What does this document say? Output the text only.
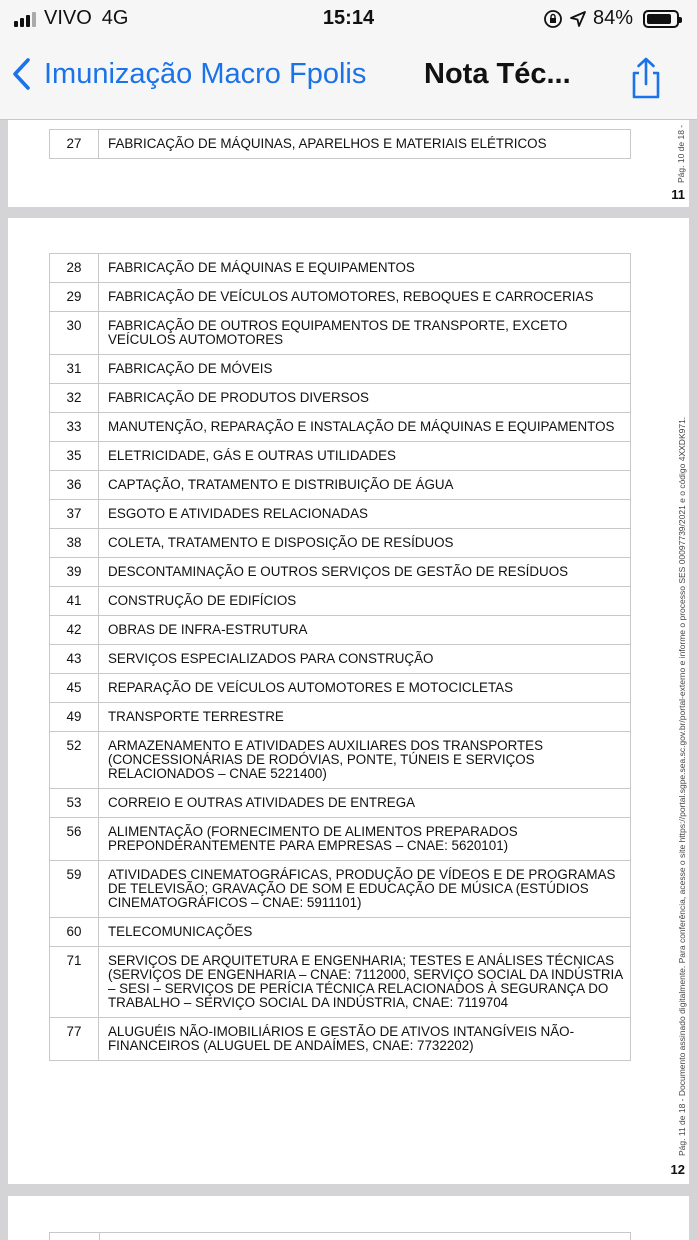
VIVO 4G	15:14	84%
Imunização Macro Fpolis Nota Téc...
27	FABRICAÇÃO DE MÁQUINAS, APARELHOS E MATERIAIS ELÉTRICOS	Pág. 10 de 18 -
11
28	FABRICAÇÃO DE MÁQUINAS E EQUIPAMENTOS
29	FABRICAÇÃO DE VEÍCULOS AUTOMOTORES, REBOQUES E CARROCERIAS
30	FABRICAÇÃO DE OUTROS EQUIPAMENTOS DE TRANSPORTE, EXCETO VEÍCULOS AUTOMOTORES
31	FABRICAÇÃO DE MÓVEIS
32	FABRICAÇÃO DE PRODUTOS DIVERSOS
33	MANUTENÇÃO, REPARAÇÃO E INSTALAÇÃO DE MÁQUINAS E EQUIPAMENTOS
35	ELETRICIDADE, GÁS E OUTRAS UTILIDADES
36	CAPTAÇÃO, TRATAMENTO E DISTRIBUIÇÃO DE ÁGUA
37	ESGOTO E ATIVIDADES RELACIONADAS
38	COLETA, TRATAMENTO E DISPOSIÇÃO DE RESÍDUOS
39	DESCONTAMINAÇÃO E OUTROS SERVIÇOS DE GESTÃO DE RESÍDUOS
41	CONSTRUÇÃO DE EDIFÍCIOS
42	OBRAS DE INFRA-ESTRUTURA
43	SERVIÇOS ESPECIALIZADOS PARA CONSTRUÇÃO
45	REPARAÇÃO DE VEÍCULOS AUTOMOTORES E MOTOCICLETAS
49	TRANSPORTE TERRESTRE
52	ARMAZENAMENTO E ATIVIDADES AUXILIARES DOS TRANSPORTES (CONCESSIONÁRIAS DE RODÓVIAS, PONTE, TÚNEIS E SERVIÇOS RELACIONADOS – CNAE 5221400)
53	CORREIO E OUTRAS ATIVIDADES DE ENTREGA
56	ALIMENTAÇÃO (FORNECIMENTO DE ALIMENTOS PREPARADOS PREPONDERANTEMENTE PARA EMPRESAS – CNAE: 5620101)
59	ATIVIDADES CINEMATOGRÁFICAS, PRODUÇÃO DE VÍDEOS E DE PROGRAMAS DE TELEVISÃO; GRAVAÇÃO DE SOM E EDUCAÇÃO DE MÚSICA (ESTÚDIOS CINEMATOGRÁFICOS – CNAE: 5911101)
60	TELECOMUNICAÇÕES
71	SERVIÇOS DE ARQUITETURA E ENGENHARIA; TESTES E ANÁLISES TÉCNICAS (SERVIÇOS DE ENGENHARIA – CNAE: 7112000, SERVIÇO SOCIAL DA INDÚSTRIA – SESI – SERVIÇOS DE PERÍCIA TÉCNICA RELACIONADOS À SEGURANÇA DO TRABALHO – SERVIÇO SOCIAL DA INDÚSTRIA, CNAE: 7119704
77	ALUGUÉIS NÃO-IMOBILIÁRIOS E GESTÃO DE ATIVOS INTANGÍVEIS NÃO-FINANCEIROS (ALUGUEL DE ANDAÍMES, CNAE: 7732202)	Pág. 11 de 18 - Documento assinado digitalmente. Para conferência, acesse o site https://portal.sgpe.sea.sc.gov.br/portal-externo e informe o processo SES 00097739/2021 e o código 4XXDK971.
12
